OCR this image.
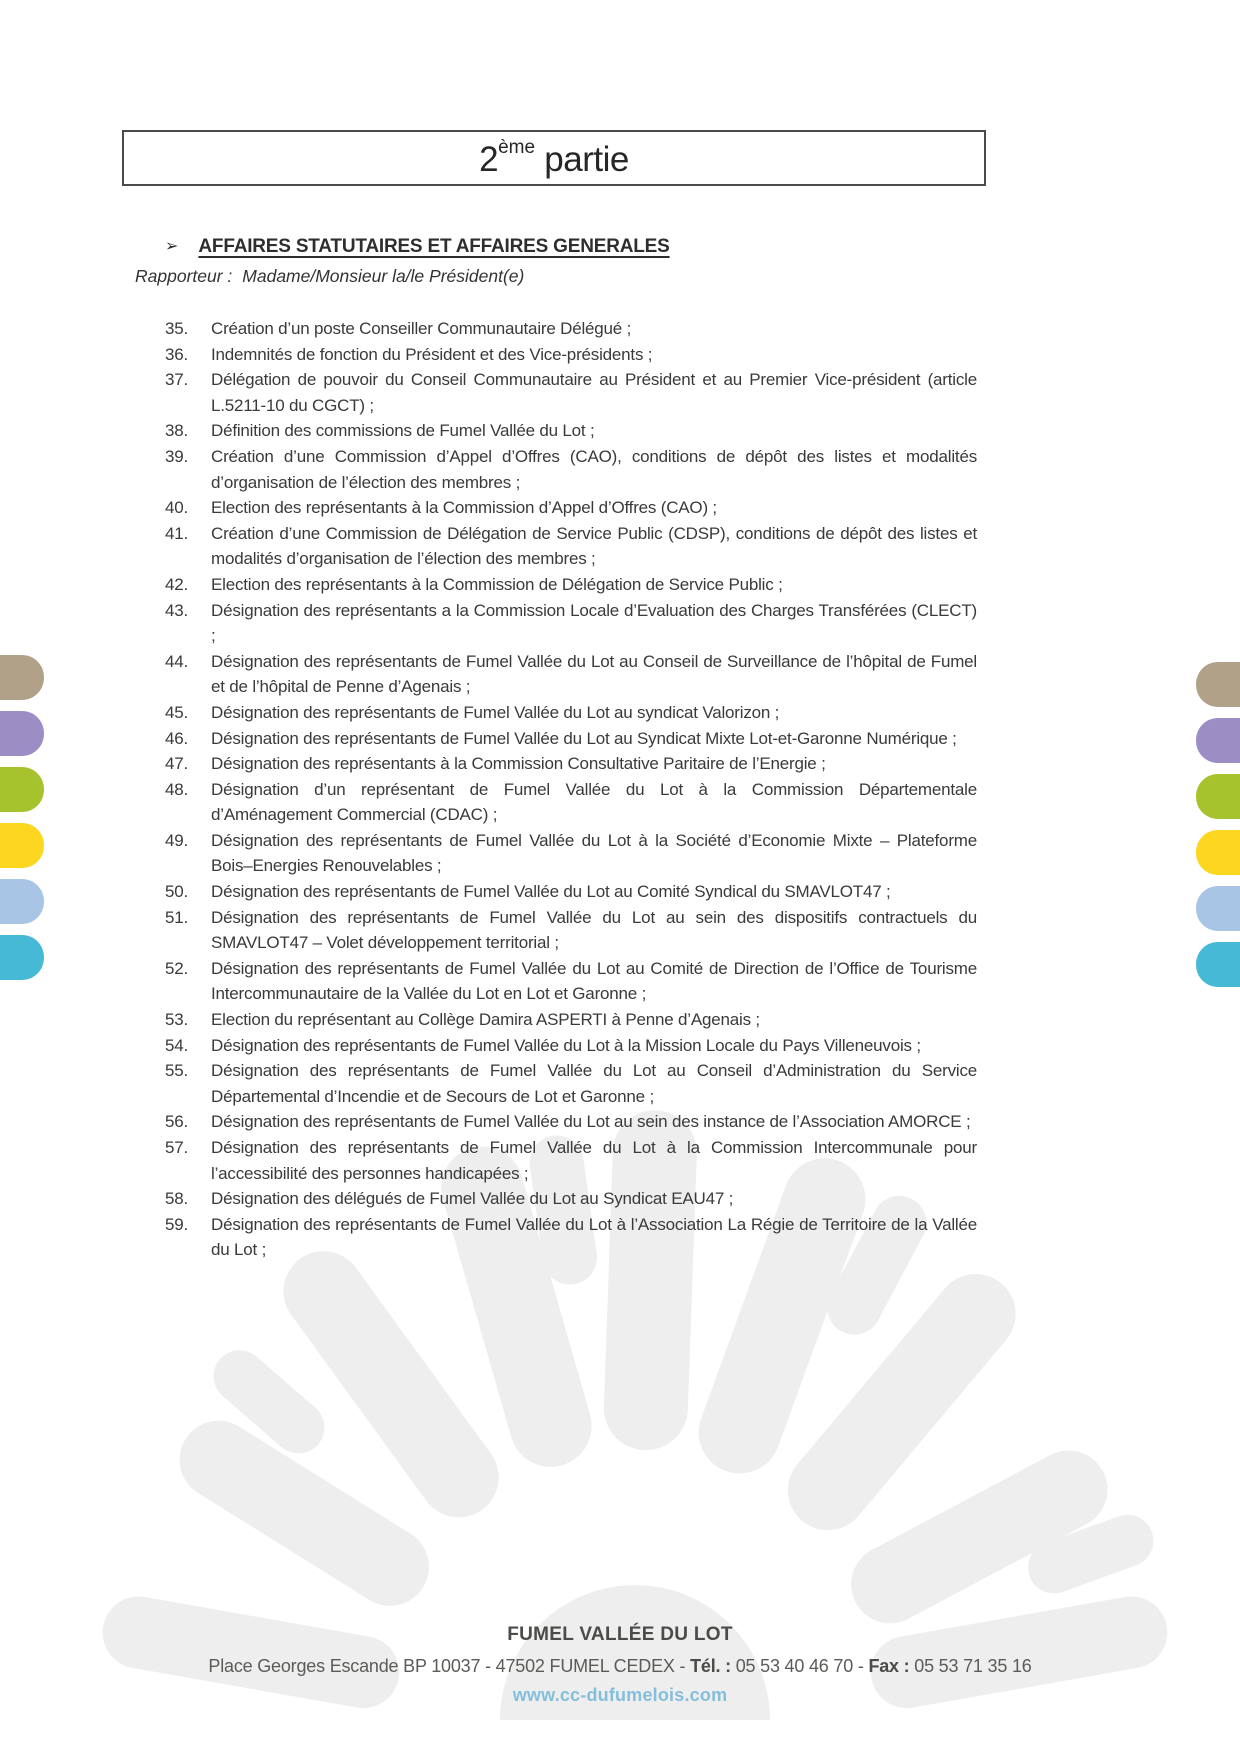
2ème partie
➢ AFFAIRES STATUTAIRES ET AFFAIRES GENERALES
Rapporteur : Madame/Monsieur la/le Président(e)
35.	Création d’un poste Conseiller Communautaire Délégué ;
36.	Indemnités de fonction du Président et des Vice-présidents ;
37.	Délégation de pouvoir du Conseil Communautaire au Président et au Premier Vice-président (article L.5211-10 du CGCT) ;
38.	Définition des commissions de Fumel Vallée du Lot ;
39.	Création d’une Commission d’Appel d’Offres (CAO), conditions de dépôt des listes et modalités d’organisation de l’élection des membres ;
40.	Election des représentants à la Commission d’Appel d’Offres (CAO) ;
41.	Création d’une Commission de Délégation de Service Public (CDSP), conditions de dépôt des listes et modalités d’organisation de l’élection des membres ;
42.	Election des représentants à la Commission de Délégation de Service Public ;
43.	Désignation des représentants a la Commission Locale d’Evaluation des Charges Transférées (CLECT) ;
44.	Désignation des représentants de Fumel Vallée du Lot au Conseil de Surveillance de l’hôpital de Fumel et de l’hôpital de Penne d’Agenais ;
45.	Désignation des représentants de Fumel Vallée du Lot au syndicat Valorizon ;
46.	Désignation des représentants de Fumel Vallée du Lot au Syndicat Mixte Lot-et-Garonne Numérique ;
47.	Désignation des représentants à la Commission Consultative Paritaire de l’Energie ;
48.	Désignation d’un représentant de Fumel Vallée du Lot à la Commission Départementale d’Aménagement Commercial (CDAC) ;
49.	Désignation des représentants de Fumel Vallée du Lot à la Société d’Economie Mixte – Plateforme Bois–Energies Renouvelables ;
50.	Désignation des représentants de Fumel Vallée du Lot au Comité Syndical du SMAVLOT47 ;
51.	Désignation des représentants de Fumel Vallée du Lot au sein des dispositifs contractuels du SMAVLOT47 – Volet développement territorial ;
52.	Désignation des représentants de Fumel Vallée du Lot au Comité de Direction de l’Office de Tourisme Intercommunautaire de la Vallée du Lot en Lot et Garonne ;
53.	Election du représentant au Collège Damira ASPERTI à Penne d’Agenais ;
54.	Désignation des représentants de Fumel Vallée du Lot à la Mission Locale du Pays Villeneuvois ;
55.	Désignation des représentants de Fumel Vallée du Lot au Conseil d’Administration du Service Départemental d’Incendie et de Secours de Lot et Garonne ;
56.	Désignation des représentants de Fumel Vallée du Lot au sein des instance de l’Association AMORCE ;
57.	Désignation des représentants de Fumel Vallée du Lot à la Commission Intercommunale pour l’accessibilité des personnes handicapées ;
58.	Désignation des délégués de Fumel Vallée du Lot au Syndicat EAU47 ;
59.	Désignation des représentants de Fumel Vallée du Lot à l’Association La Régie de Territoire de la Vallée du Lot ;
FUMEL VALLÉE DU LOT
Place Georges Escande BP 10037 - 47502 FUMEL CEDEX - Tél. : 05 53 40 46 70 - Fax : 05 53 71 35 16
www.cc-dufumelois.com
